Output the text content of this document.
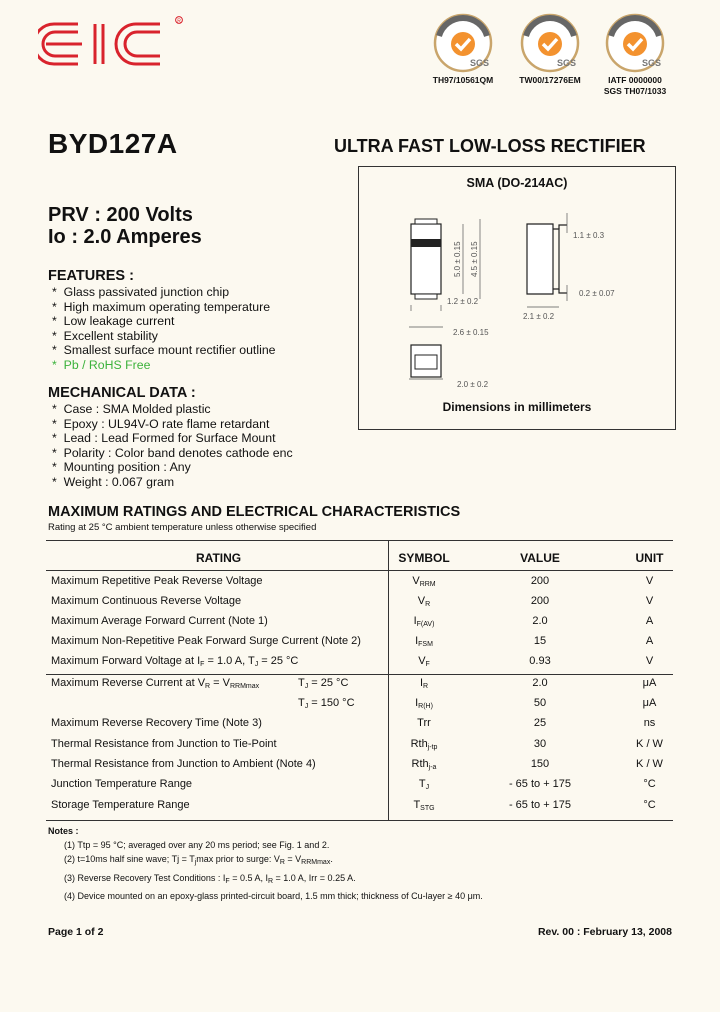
R
SGS
TH97/10561QM
SGS
TW00/17276EM
SGS
IATF 0000000
SGS TH07/1033
BYD127A	ULTRA FAST LOW-LOSS RECTIFIER
PRV : 200 Volts
Io : 2.0 Amperes
FEATURES :
*  Glass passivated junction chip
*  High maximum operating temperature
*  Low leakage current
*  Excellent stability
*  Smallest surface mount rectifier outline
*  Pb / RoHS Free
MECHANICAL DATA :
*  Case : SMA Molded plastic
*  Epoxy : UL94V-O rate flame retardant
*  Lead : Lead Formed for Surface Mount
*  Polarity : Color band denotes cathode enc
*  Mounting position : Any
*  Weight : 0.067 gram
SMA (DO-214AC)
5.0 ± 0.15 4.5 ± 0.15
1.2 ± 0.2
1.1 ± 0.3
0.2 ± 0.07
2.1 ± 0.2
2.6 ± 0.15
2.0 ± 0.2
Dimensions in millimeters
MAXIMUM RATINGS AND ELECTRICAL CHARACTERISTICS
Rating at 25 °C ambient temperature unless otherwise specified
RATING	SYMBOL	VALUE	UNIT
Maximum Repetitive Peak Reverse Voltage	$V_{RRM}$	200	V
Maximum Continuous Reverse Voltage	$V_R$	200	V
Maximum Average Forward Current (Note 1)	$I_{F(AV)}$	2.0	A
Maximum Non-Repetitive Peak Forward Surge Current (Note 2)	$I_{FSM}$	15	A
Maximum Forward Voltage at $I_F = 1.0$ A, $T_J = 25$ °C	$V_F$	0.93	V
Maximum Reverse Current at $V_R = V_{RRMmax}$	$T_J = 25$ °C	$I_R$	2.0	μA
$T_J = 150$ °C	$I_{R(H)}$	50	μA
Maximum Reverse Recovery Time (Note 3)	Trr	25	ns
Thermal Resistance from Junction to Tie-Point	Rth$_{j-tp}$	30	K / W
Thermal Resistance from Junction to Ambient (Note 4)	Rth$_{j-a}$	150	K / W
Junction Temperature Range	$T_J$	- 65 to + 175	°C
Storage Temperature Range	$T_{STG}$	- 65 to + 175	°C
Notes :
(1) Ttp = 95 °C; averaged over any 20 ms period; see Fig. 1 and 2.
(2) t=10ms half sine wave; $Tj = T_j\max$ prior to surge: $V_R = V_{RRMmax}$.
(3) Reverse Recovery Test Conditions : $I_F = 0.5$ A, $I_R = 1.0$ A, Irr = 0.25 A.
(4) Device mounted on an epoxy-glass printed-circuit board, 1.5 mm thick; thickness of Cu-layer ≥ 40 μm.
Page 1 of 2	Rev. 00 : February 13, 2008
